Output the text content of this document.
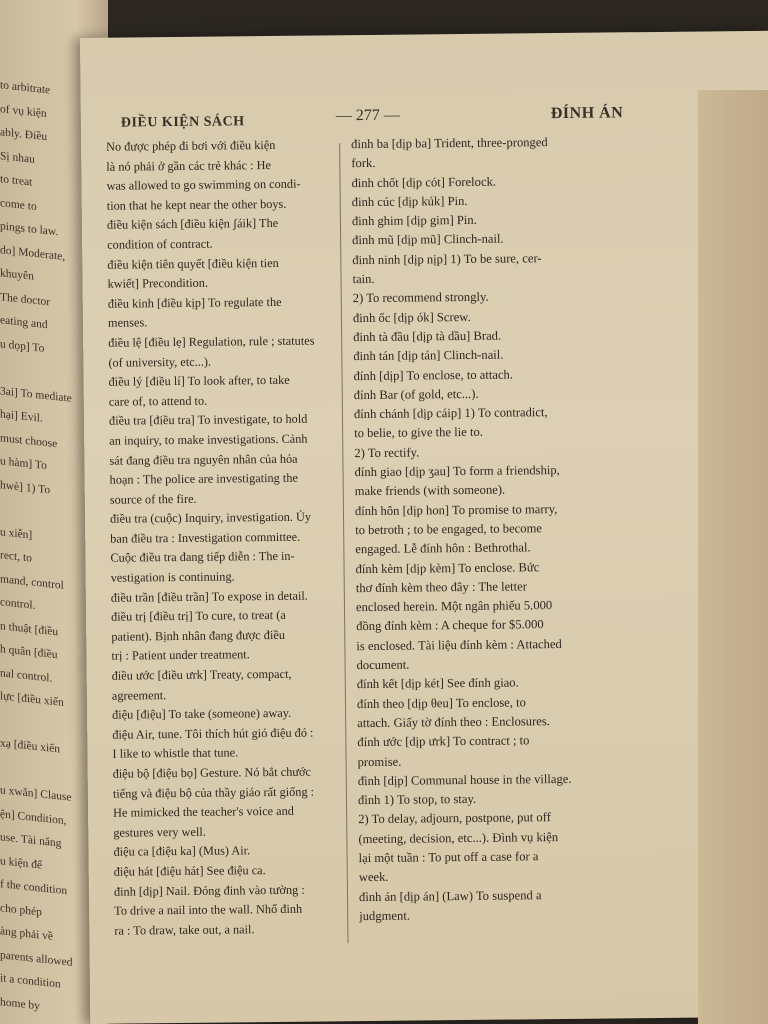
to arbitrate
of vụ kiện
ably. Điều
Sị nhau
to treat
come to
pings to law.
do] Moderate,
khuyên
The doctor
eating and
u dọp] To
3ai] To mediate
hại] Evil.
must choose
u hàm] To
hwè] 1) To
u xiễn]
rect, to
mand, control
control.
n thuật [điều
h quân [điều
nal control.
lực [điều xiến
xạ [điều xiến
u xwǎn] Clause
ện] Condition,
use. Tài năng
u kiện để
f the condition
cho phép
àng phải về
parents allowed
it a condition
home by
ĐIỀU KIỆN SÁCH	— 277 —	ĐÍNH ÁN
No được phép đi bơi với điều kiện
là nó phải ở gần các trẻ khác : He
was allowed to go swimming on condi-
tion that he kept near the other boys.
điều kiện sách [điều kiện ʃáik] The
condition of contract.
điều kiện tiên quyết [điều kiện tien
kwiết] Precondition.
điều kinh [điều kịp] To regulate the
menses.
điều lệ [điều lẹ] Regulation, rule ; statutes
(of university, etc...).
điều lý [điều lí] To look after, to take
care of, to attend to.
điều tra [điều tra] To investigate, to hold
an inquiry, to make investigations. Cảnh
sát đang điều tra nguyên nhân của hỏa
hoạn : The police are investigating the
source of the fire.
điều tra (cuộc) Inquiry, investigation. Ủy
ban điều tra : Investigation committee.
Cuộc điều tra đang tiếp diễn : The in-
vestigation is continuing.
điều trần [điều trần] To expose in detail.
điều trị [điều trị] To cure, to treat (a
patient). Bịnh nhân đang được điều
trị : Patient under treatment.
điều ước [điều ưrk] Treaty, compact,
agreement.
điệu [điệu] To take (someone) away.
điệu Air, tune. Tôi thích hút gió điệu đó :
I like to whistle that tune.
điệu bộ [điệu bọ] Gesture. Nó bắt chước
tiếng và điệu bộ của thầy giáo rất giống :
He mimicked the teacher's voice and
gestures very well.
điệu ca [điệu ka] (Mus) Air.
điệu hát [điệu hát] See điệu ca.
đinh [dịp] Nail. Đóng đinh vào tường :
To drive a nail into the wall. Nhổ đinh
ra : To draw, take out, a nail.
đinh ba [dịp ba] Trident, three-pronged
fork.
đinh chốt [dịp cót] Forelock.
đinh cúc [dịp kúk] Pin.
đinh ghim [dịp gim] Pin.
đinh mũ [dịp mũ] Clinch-nail.
đinh ninh [dịp nịp] 1) To be sure, cer-
tain.
2) To recommend strongly.
đinh ốc [dịp ók] Screw.
đinh tà đầu [dịp tà dầu] Brad.
đinh tán [dịp tán] Clinch-nail.
đính [dịp] To enclose, to attach.
đính Bar (of gold, etc...).
đính chánh [dịp cáip] 1) To contradict,
to belie, to give the lie to.
2) To rectify.
đính giao [dịp ʒau] To form a friendship,
make friends (with someone).
đính hôn [dịp hon] To promise to marry,
to betroth ; to be engaged, to become
engaged. Lễ đính hôn : Bethrothal.
đính kèm [dịp kèm] To enclose. Bức
thơ đính kèm theo đây : The letter
enclosed herein. Một ngân phiếu 5.000
đồng đính kèm : A cheque for $5.000
is enclosed. Tài liệu đính kèm : Attached
document.
đính kết [dịp két] See đính giao.
đính theo [dịp θeu] To enclose, to
attach. Giấy tờ đính theo : Enclosures.
đính ước [dịp ưrk] To contract ; to
promise.
đình [dịp] Communal house in the village.
đình 1) To stop, to stay.
2) To delay, adjourn, postpone, put off
(meeting, decision, etc...). Đình vụ kiện
lại một tuần : To put off a case for a
week.
đình án [dịp án] (Law) To suspend a
judgment.
